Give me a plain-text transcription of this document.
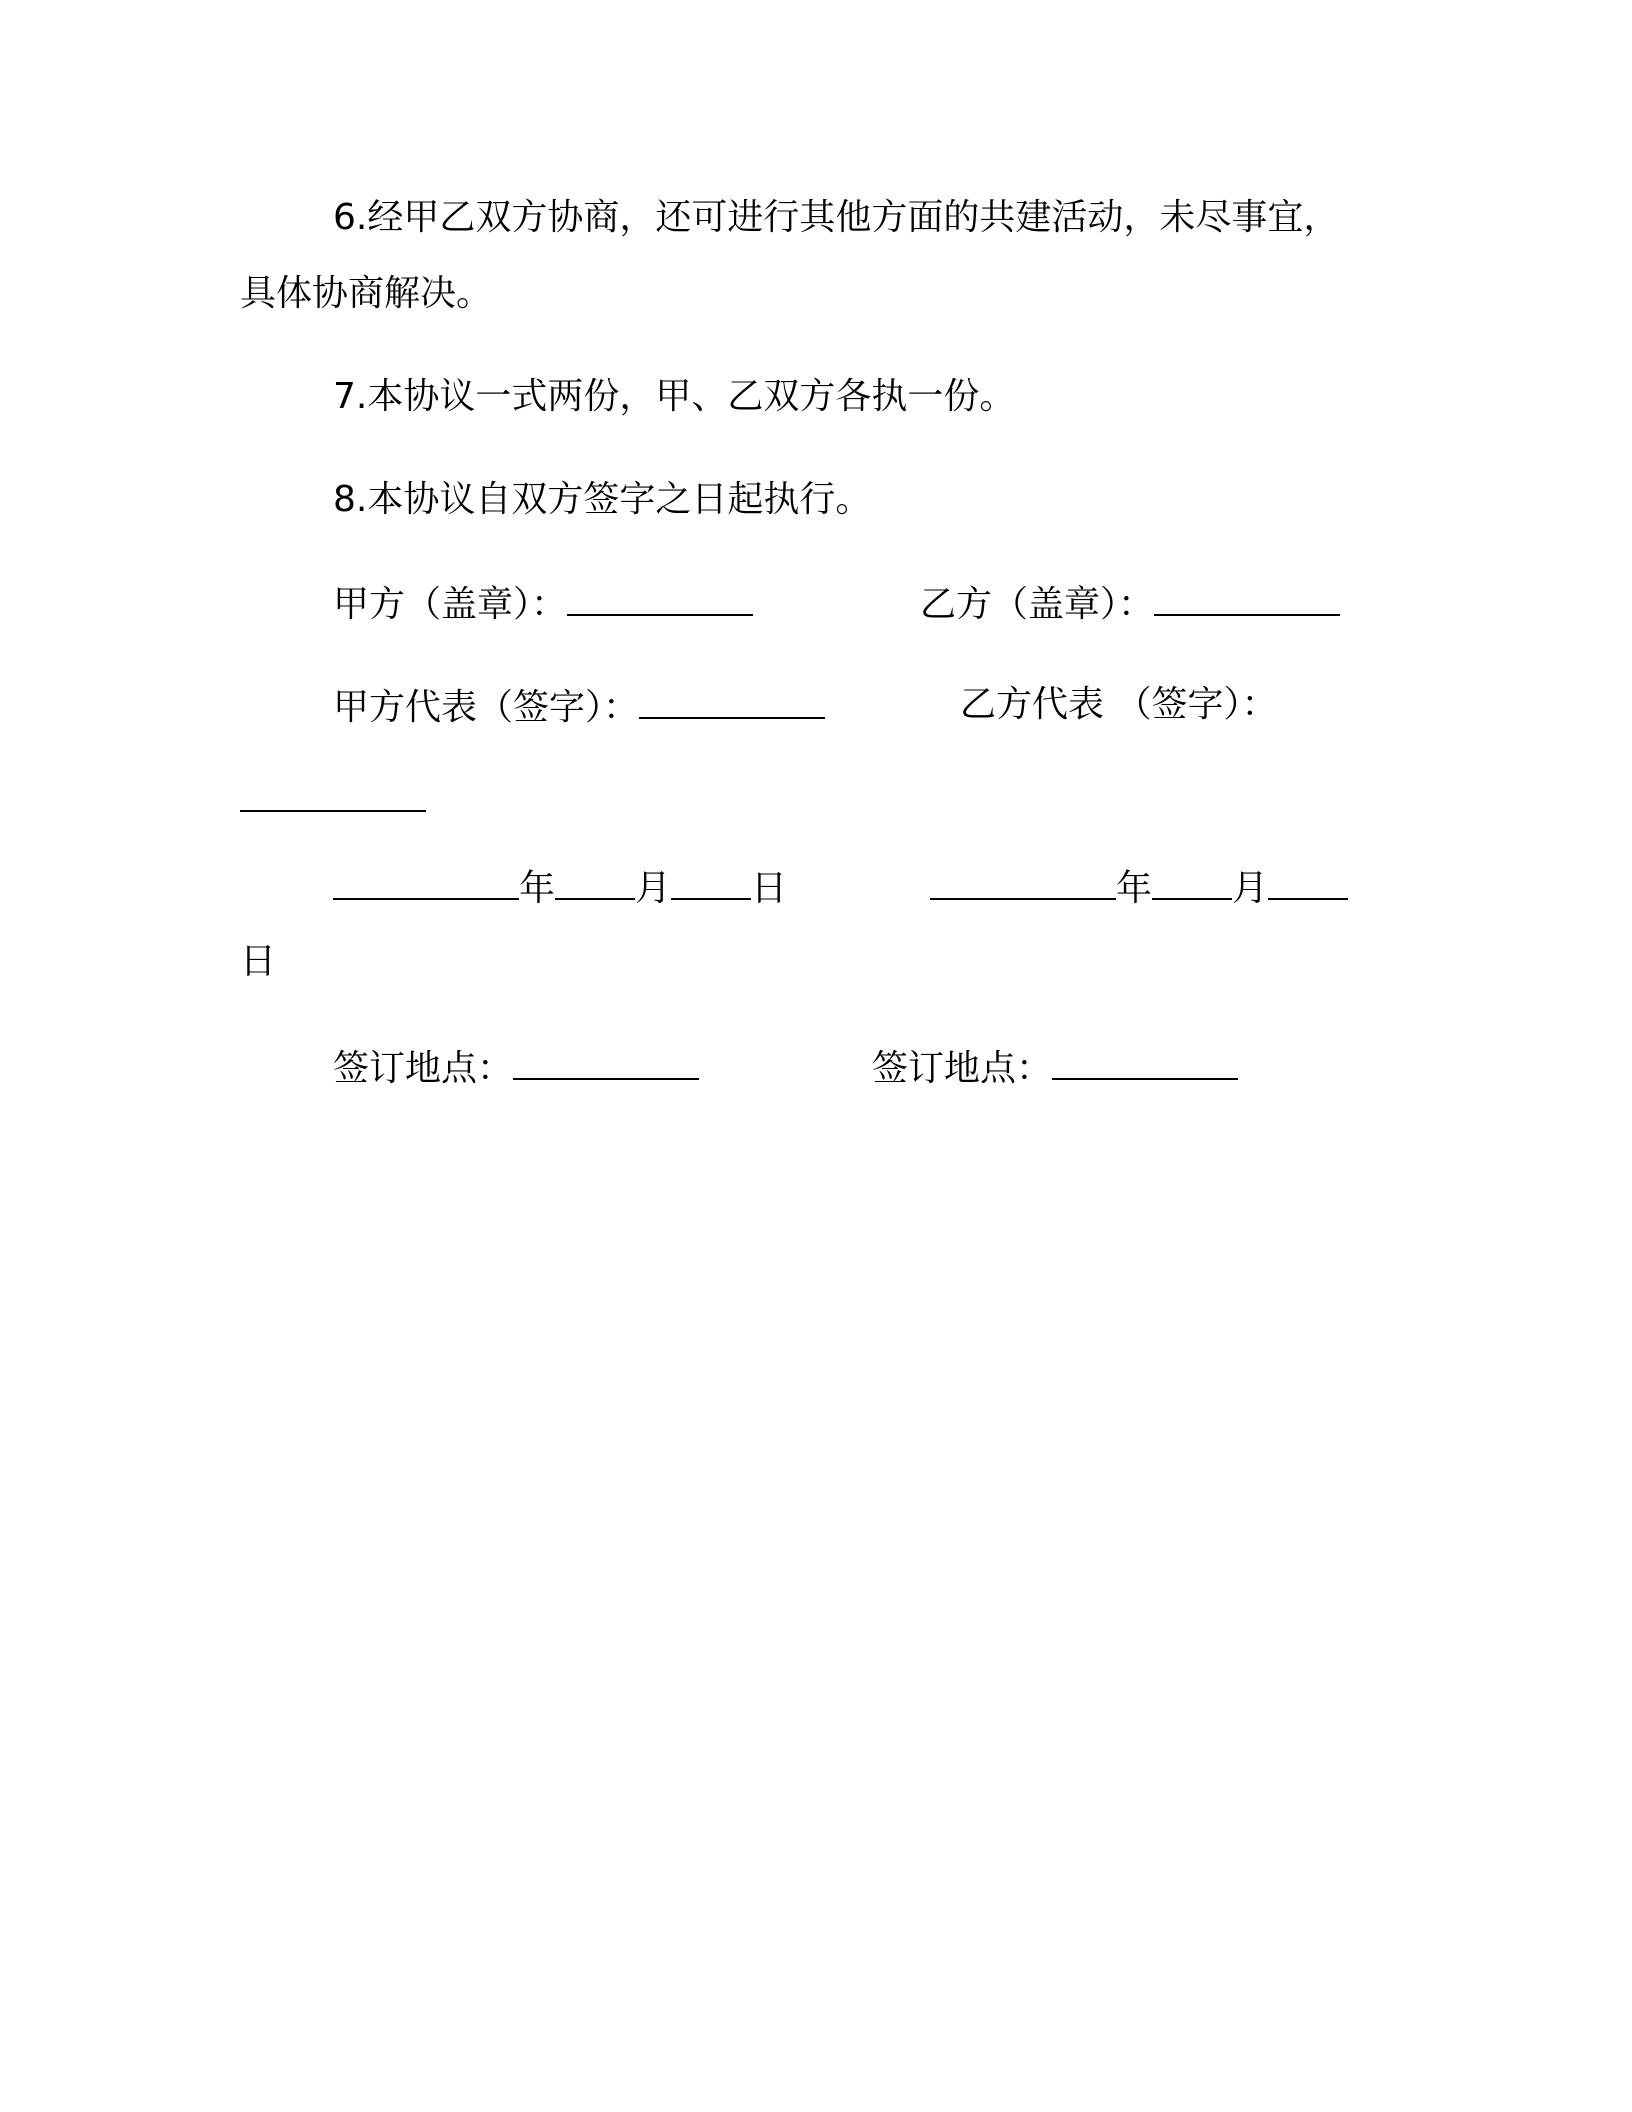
6.经甲乙双方协商，还可进行其他方面的共建活动，未尽事宜，
具体协商解决。
7.本协议一式两份，甲、乙双方各执一份。
8.本协议自双方签字之日起执行。
甲方（盖章）：	乙方（盖章）：
甲方代表（签字）：	乙方代表 （签字）：
年 月 日	年 月
日
签订地点：	签订地点：
